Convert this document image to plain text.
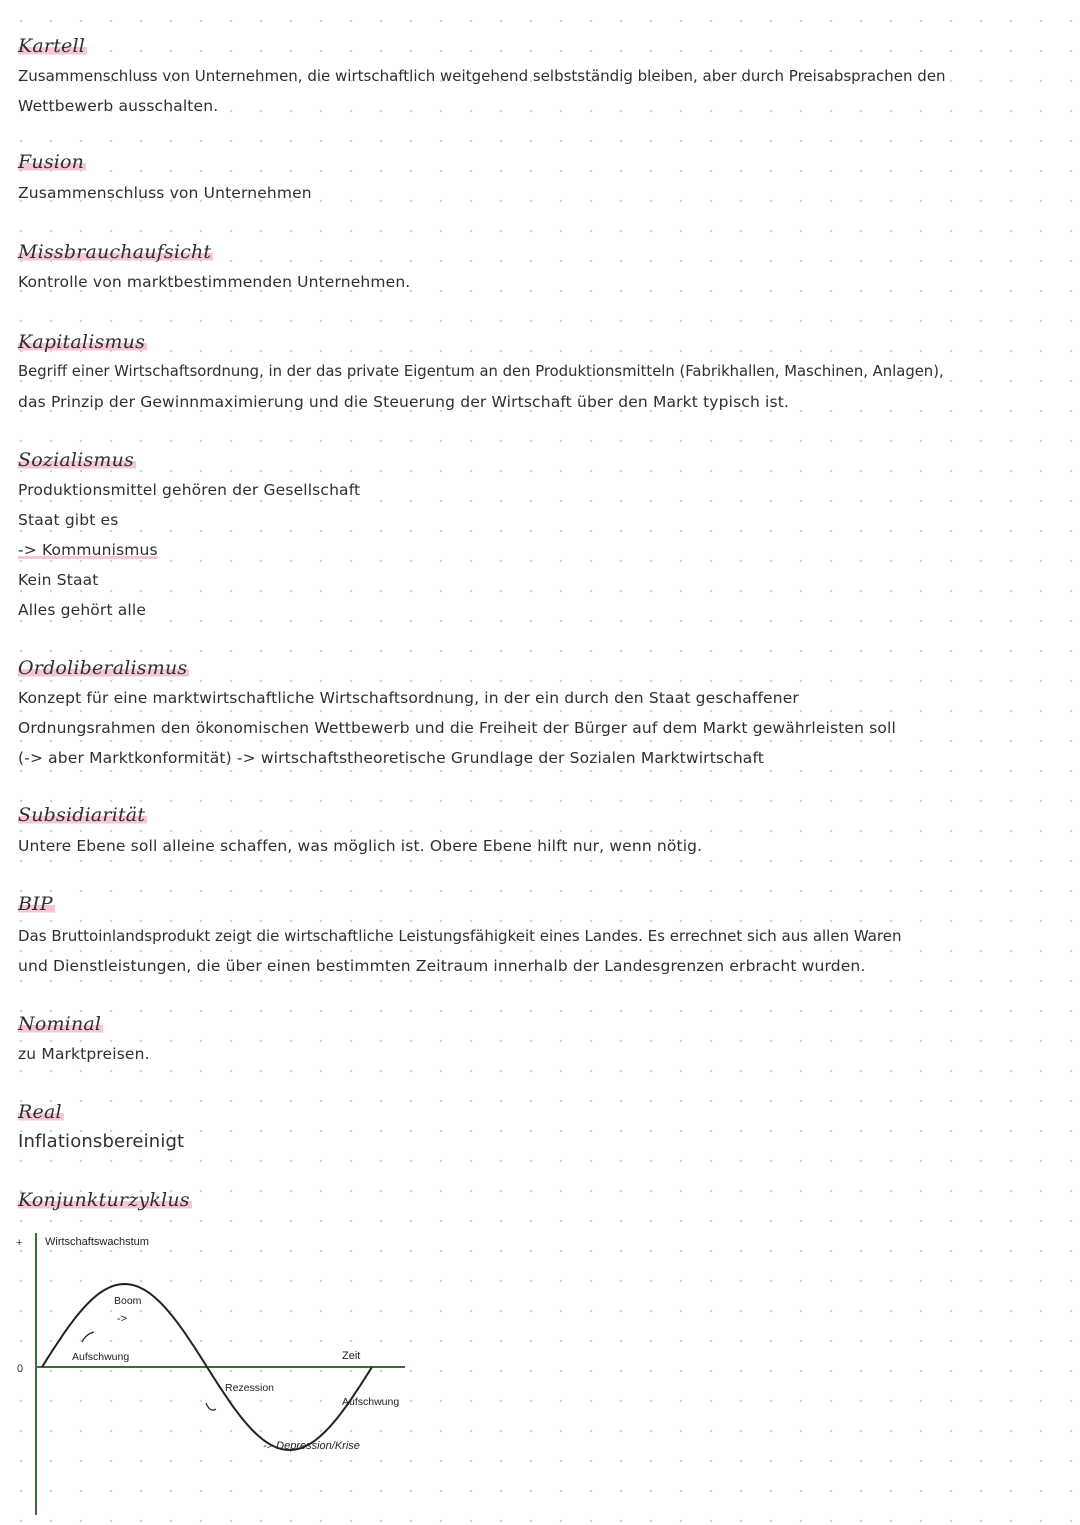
Kartell
Zusammenschluss von Unternehmen, die wirtschaftlich weitgehend selbstständig bleiben, aber durch Preisabsprachen den
Wettbewerb ausschalten.
Fusion
Zusammenschluss von Unternehmen
Missbrauchaufsicht
Kontrolle von marktbestimmenden Unternehmen.
Kapitalismus
Begriff einer Wirtschaftsordnung, in der das private Eigentum an den Produktionsmitteln (Fabrikhallen, Maschinen, Anlagen),
das Prinzip der Gewinnmaximierung und die Steuerung der Wirtschaft über den Markt typisch ist.
Sozialismus
Produktionsmittel gehören der Gesellschaft
Staat gibt es
-> Kommunismus
Kein Staat
Alles gehört alle
Ordoliberalismus
Konzept für eine marktwirtschaftliche Wirtschaftsordnung, in der ein durch den Staat geschaffener
Ordnungsrahmen den ökonomischen Wettbewerb und die Freiheit der Bürger auf dem Markt gewährleisten soll
(-> aber Marktkonformität) -> wirtschaftstheoretische Grundlage der Sozialen Marktwirtschaft
Subsidiarität
Untere Ebene soll alleine schaffen, was möglich ist. Obere Ebene hilft nur, wenn nötig.
BIP
Das Bruttoinlandsprodukt zeigt die wirtschaftliche Leistungsfähigkeit eines Landes. Es errechnet sich aus allen Waren
und Dienstleistungen, die über einen bestimmten Zeitraum innerhalb der Landesgrenzen erbracht wurden.
Nominal
zu Marktpreisen.
Real
Inflationsbereinigt
Konjunkturzyklus
+
0
Wirtschaftswachstum
Zeit
Boom
->
Aufschwung
Rezession
Aufschwung
-> Depression/Krise
